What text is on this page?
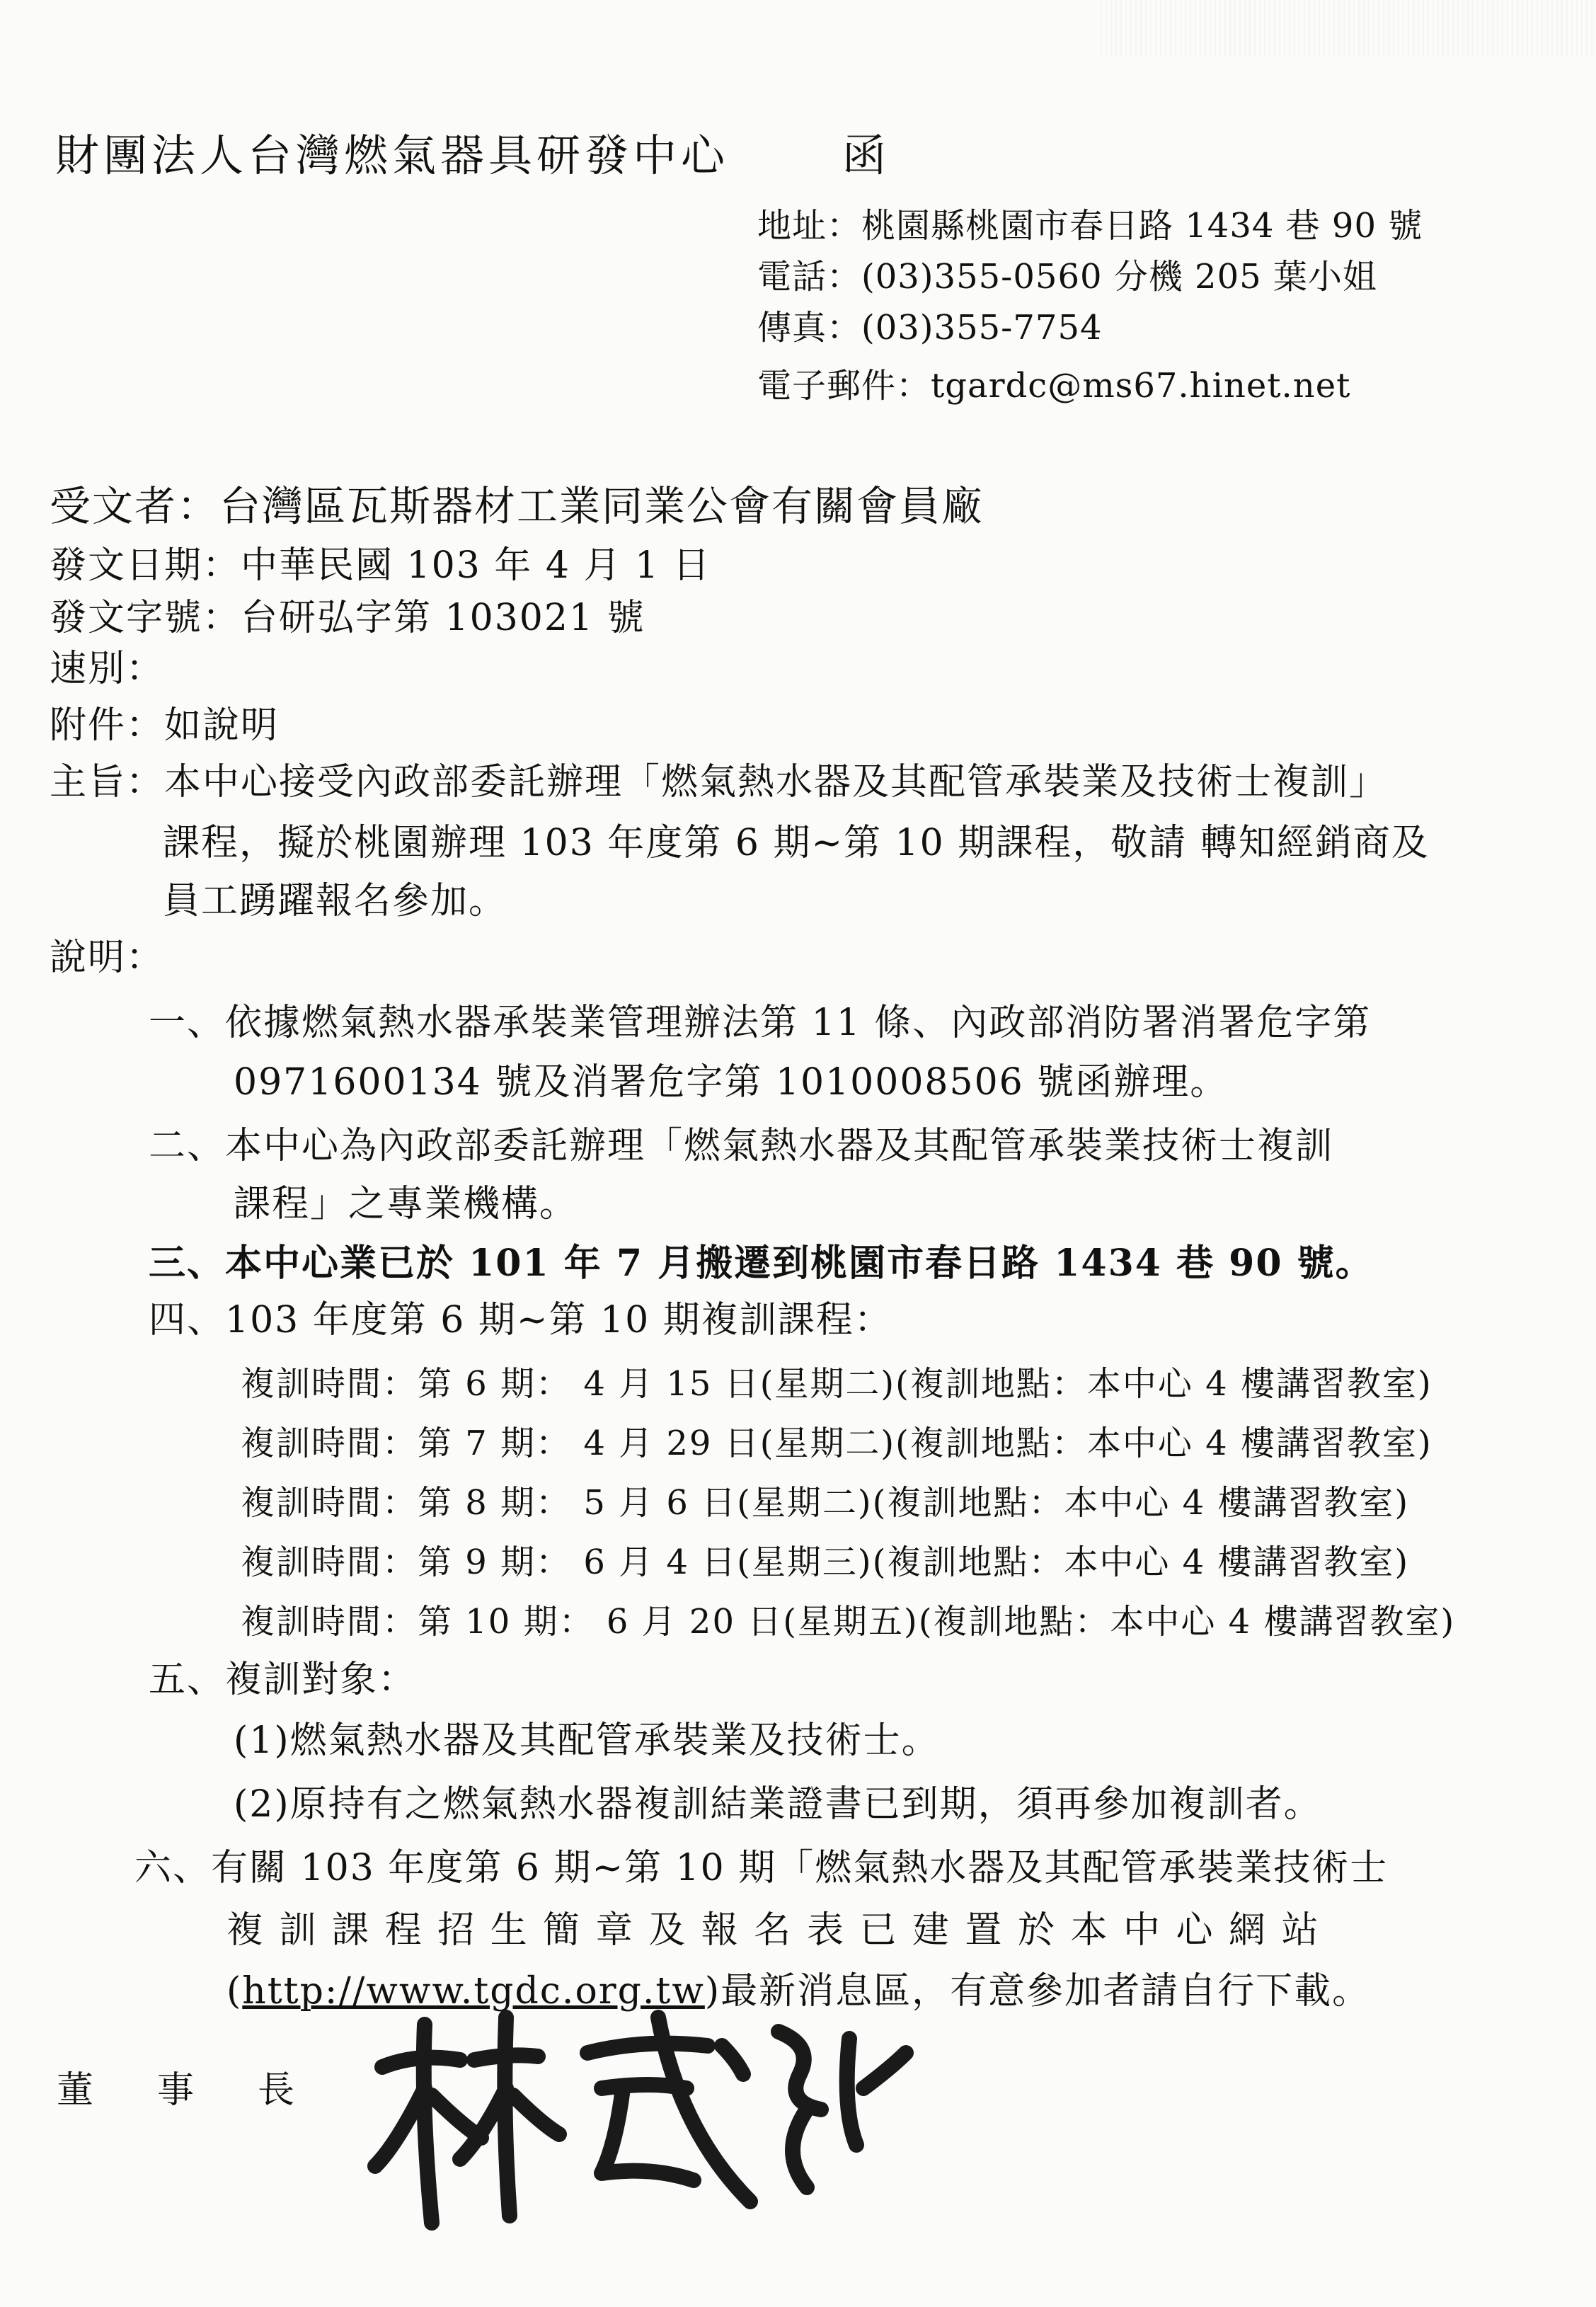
財團法人台灣燃氣器具研發中心	函
地址：桃園縣桃園市春日路 1434 巷 90 號
電話：(03)355-0560 分機 205 葉小姐
傳真：(03)355-7754
電子郵件：tgardc@ms67.hinet.net
受文者：台灣區瓦斯器材工業同業公會有關會員廠
發文日期：中華民國 103 年 4 月 1 日
發文字號：台研弘字第 103021 號
速別：
附件：如說明
主旨：本中心接受內政部委託辦理「燃氣熱水器及其配管承裝業及技術士複訓」
課程，擬於桃園辦理 103 年度第 6 期~第 10 期課程，敬請 轉知經銷商及
員工踴躍報名參加。
說明：
一、依據燃氣熱水器承裝業管理辦法第 11 條、內政部消防署消署危字第
0971600134 號及消署危字第 1010008506 號函辦理。
二、本中心為內政部委託辦理「燃氣熱水器及其配管承裝業技術士複訓
課程」之專業機構。
三、本中心業已於 101 年 7 月搬遷到桃園市春日路 1434 巷 90 號。
四、103 年度第 6 期~第 10 期複訓課程：
複訓時間：第 6 期： 4 月 15 日(星期二)(複訓地點：本中心 4 樓講習教室)
複訓時間：第 7 期： 4 月 29 日(星期二)(複訓地點：本中心 4 樓講習教室)
複訓時間：第 8 期： 5 月 6 日(星期二)(複訓地點：本中心 4 樓講習教室)
複訓時間：第 9 期： 6 月 4 日(星期三)(複訓地點：本中心 4 樓講習教室)
複訓時間：第 10 期： 6 月 20 日(星期五)(複訓地點：本中心 4 樓講習教室)
五、複訓對象：
(1)燃氣熱水器及其配管承裝業及技術士。
(2)原持有之燃氣熱水器複訓結業證書已到期，須再參加複訓者。
六、有關 103 年度第 6 期~第 10 期「燃氣熱水器及其配管承裝業技術士
複 訓 課 程 招 生 簡 章 及 報 名 表 已 建 置 於 本 中 心 網 站
(http://www.tgdc.org.tw)最新消息區，有意參加者請自行下載。
董事長
